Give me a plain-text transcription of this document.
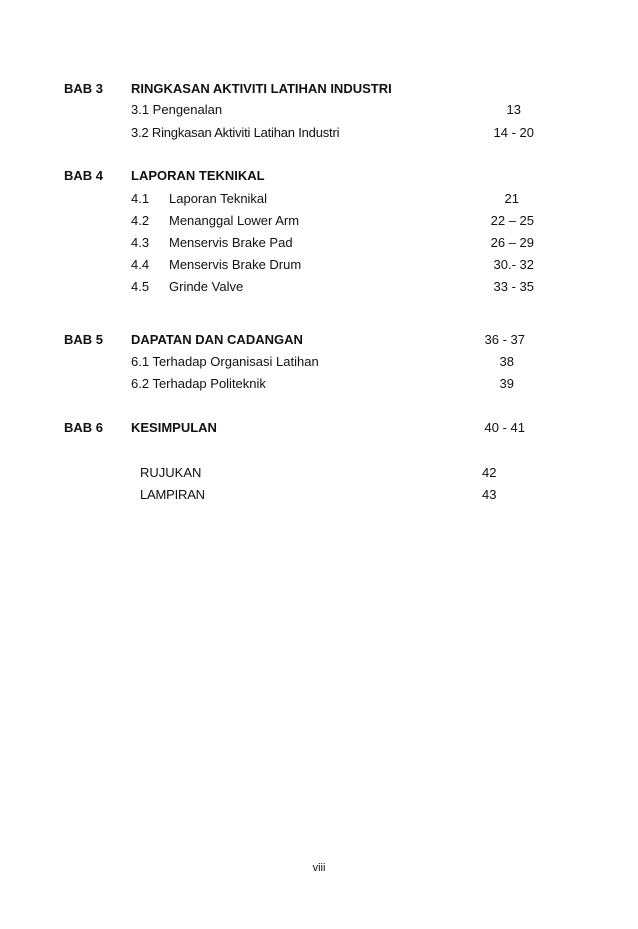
BAB 3 RINGKASAN AKTIVITI LATIHAN INDUSTRI
3.1 Pengenalan	13
3.2 Ringkasan Aktiviti Latihan Industri	14 - 20
BAB 4 LAPORAN TEKNIKAL
4.1 Laporan Teknikal	21
4.2 Menanggal Lower Arm	22 – 25
4.3 Menservis Brake Pad	26 – 29
4.4 Menservis Brake Drum	30.- 32
4.5 Grinde Valve	33 - 35
BAB 5 DAPATAN DAN CADANGAN	36 - 37
6.1 Terhadap Organisasi Latihan	38
6.2 Terhadap Politeknik	39
BAB 6 KESIMPULAN	40 - 41
RUJUKAN	42
LAMPIRAN	43
viii
